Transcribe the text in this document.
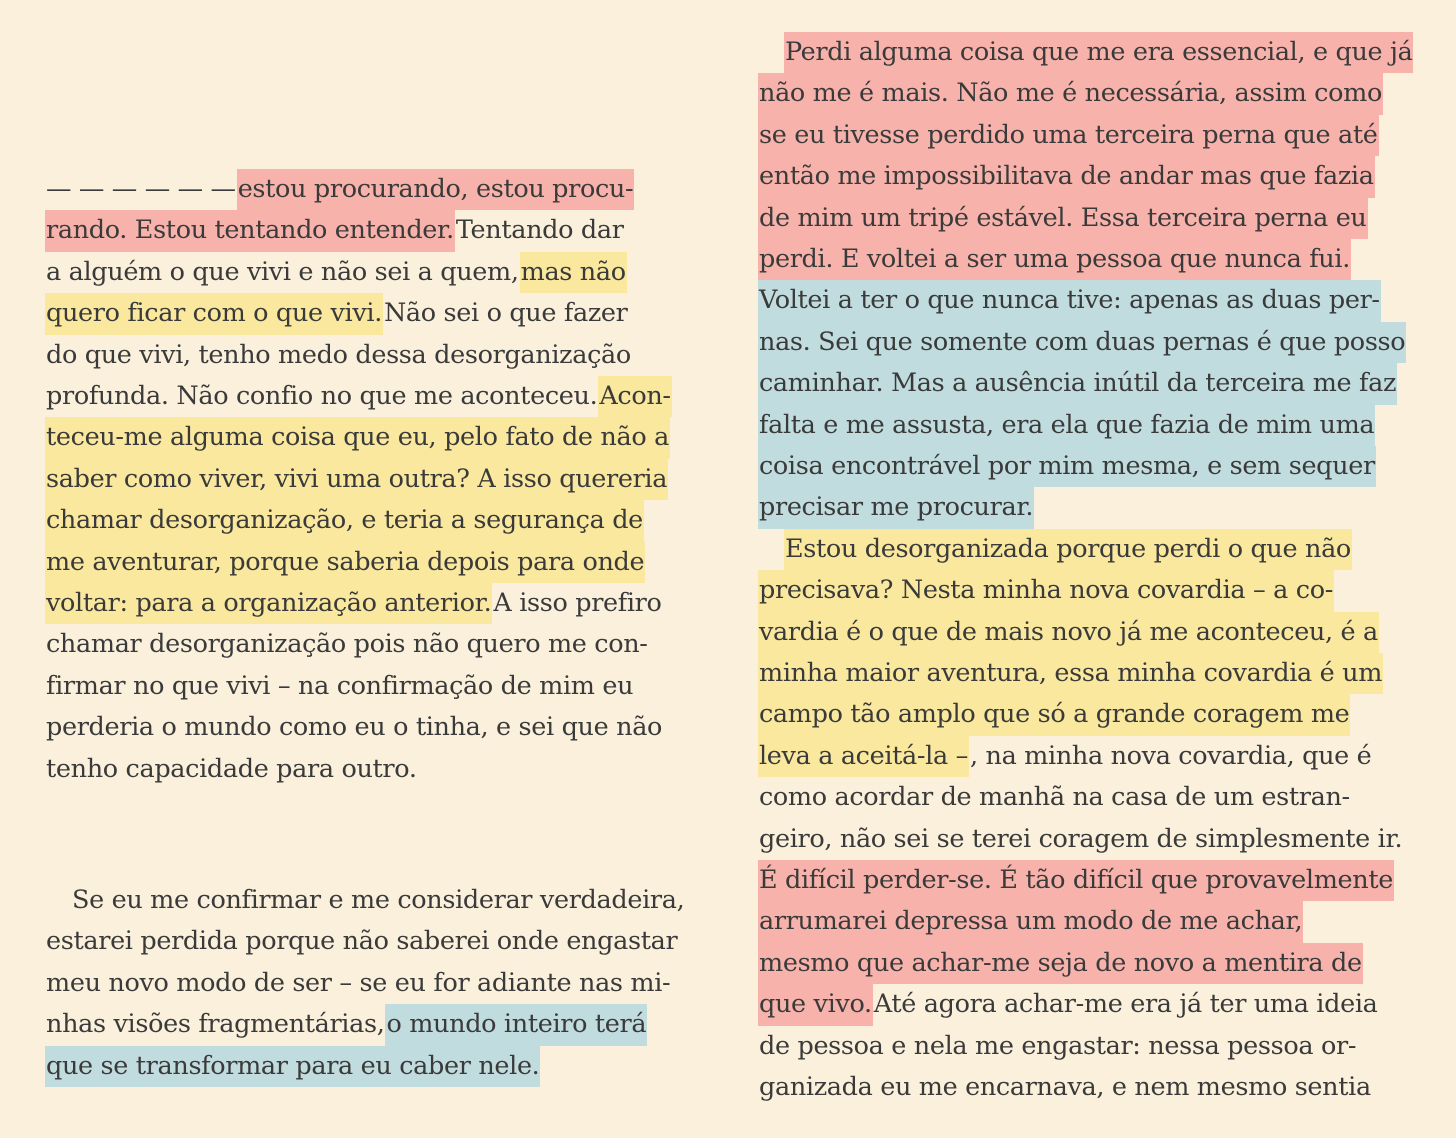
— — — — — —estou procurando, estou procu-
rando. Estou tentando entender.Tentando dar
a alguém o que vivi e não sei a quem,mas não
quero ficar com o que vivi.Não sei o que fazer
do que vivi, tenho medo dessa desorganização
profunda. Não confio no que me aconteceu.Acon-
teceu-me alguma coisa que eu, pelo fato de não a
saber como viver, vivi uma outra? A isso quereria
chamar desorganização, e teria a segurança de
me aventurar, porque saberia depois para onde
voltar: para a organização anterior.A isso prefiro
chamar desorganização pois não quero me con-
firmar no que vivi – na confirmação de mim eu
perderia o mundo como eu o tinha, e sei que não
tenho capacidade para outro.
Se eu me confirmar e me considerar verdadeira,
estarei perdida porque não saberei onde engastar
meu novo modo de ser – se eu for adiante nas mi-
nhas visões fragmentárias,o mundo inteiro terá
que se transformar para eu caber nele.
Perdi alguma coisa que me era essencial, e que já
não me é mais. Não me é necessária, assim como
se eu tivesse perdido uma terceira perna que até
então me impossibilitava de andar mas que fazia
de mim um tripé estável. Essa terceira perna eu
perdi. E voltei a ser uma pessoa que nunca fui.
Voltei a ter o que nunca tive: apenas as duas per-
nas. Sei que somente com duas pernas é que posso
caminhar. Mas a ausência inútil da terceira me faz
falta e me assusta, era ela que fazia de mim uma
coisa encontrável por mim mesma, e sem sequer
precisar me procurar.
Estou desorganizada porque perdi o que não
precisava? Nesta minha nova covardia – a co-
vardia é o que de mais novo já me aconteceu, é a
minha maior aventura, essa minha covardia é um
campo tão amplo que só a grande coragem me
leva a aceitá-la –, na minha nova covardia, que é
como acordar de manhã na casa de um estran-
geiro, não sei se terei coragem de simplesmente ir.
É difícil perder-se. É tão difícil que provavelmente
arrumarei depressa um modo de me achar,
mesmo que achar-me seja de novo a mentira de
que vivo.Até agora achar-me era já ter uma ideia
de pessoa e nela me engastar: nessa pessoa or-
ganizada eu me encarnava, e nem mesmo sentia
